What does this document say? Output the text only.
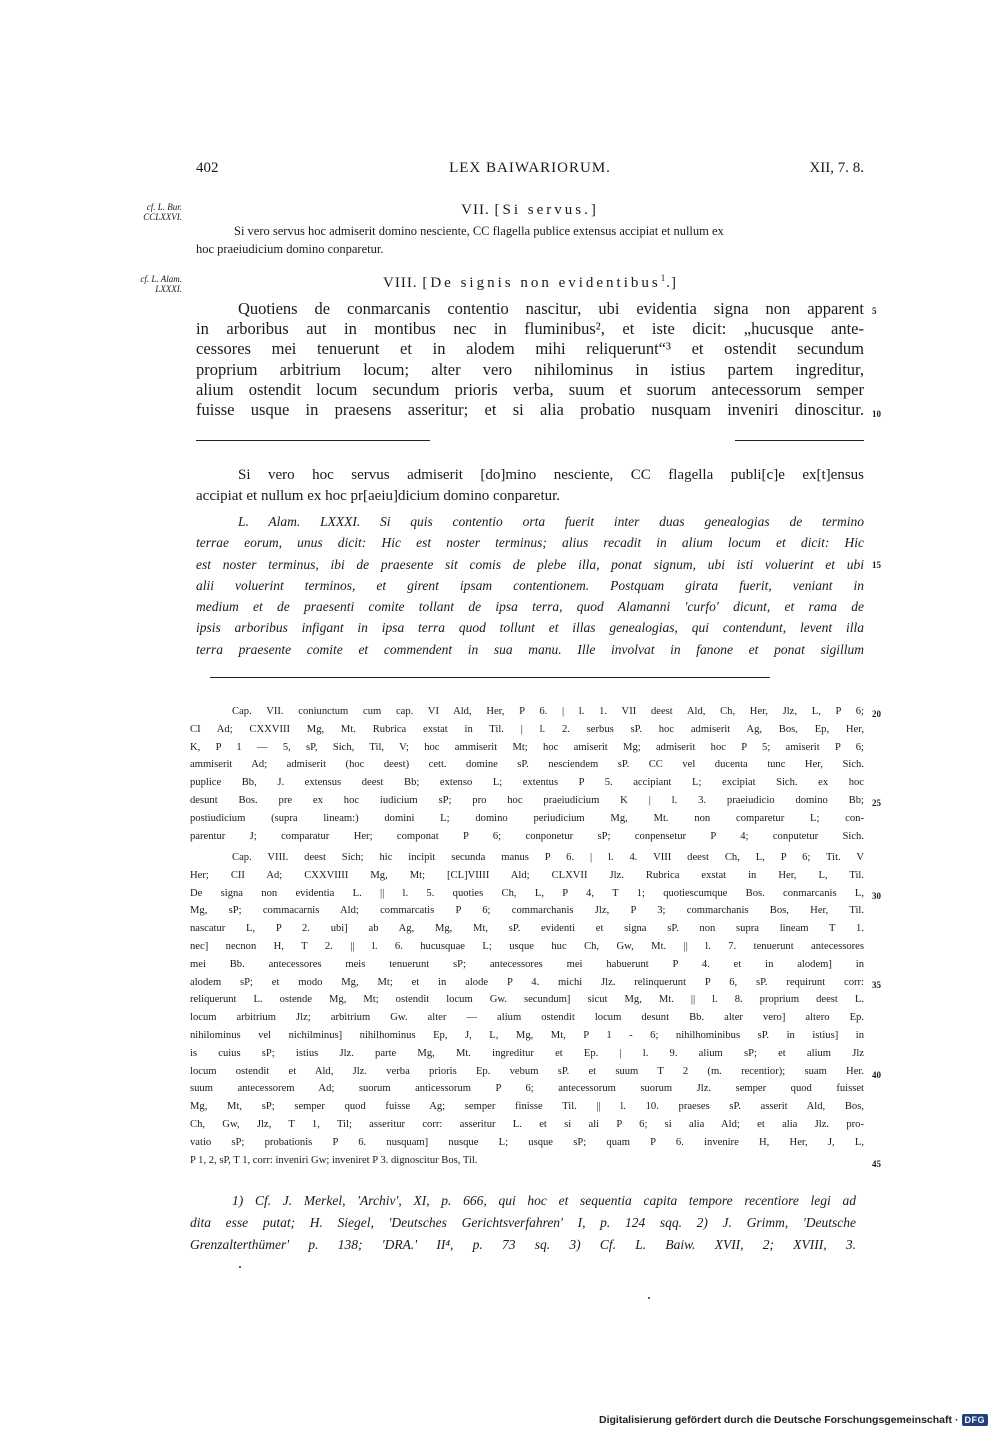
402	LEX BAIWARIORUM.	XII, 7. 8.
cf. L. Bur.
CCLXXVI.	VII. [Si servus.]
Si vero servus hoc admiserit domino nesciente, CC flagella publice extensus accipiat et nullum ex
hoc praeiudicium domino conparetur.
cf. L. Alam.
LXXXI.	VIII. [De signis non evidentibus$^1$.]
Quotiens de conmarcanis contentio nascitur, ubi evidentia signa non apparent
in arboribus aut in montibus nec in fluminibus², et iste dicit: „hucusque ante-
cessores mei tenuerunt et in alodem mihi reliquerunt“³ et ostendit secundum
proprium arbitrium locum; alter vero nihilominus in istius partem ingreditur,
alium ostendit locum secundum prioris verba, suum et suorum antecessorum semper
fuisse usque in praesens asseritur; et si alia probatio nusquam inveniri dinoscitur.
5
10
Si vero hoc servus admiserit [do]mino nesciente, CC flagella publi[c]e ex[t]ensus
accipiat et nullum ex hoc pr[aeiu]dicium domino conparetur.
L. Alam. LXXXI. Si quis contentio orta fuerit inter duas genealogias de termino
terrae eorum, unus dicit: Hic est noster terminus; alius recadit in alium locum et dicit: Hic
est noster terminus, ibi de praesente sit comis de plebe illa, ponat signum, ubi isti voluerint et ubi
alii voluerint terminos, et girent ipsam contentionem. Postquam girata fuerit, veniant in
medium et de praesenti comite tollant de ipsa terra, quod Alamanni 'curfo' dicunt, et rama de
ipsis arboribus infigant in ipsa terra quod tollunt et illas genealogias, qui contendunt, levent illa
terra praesente comite et commendent in sua manu. Ille involvat in fanone et ponat sigillum
15
Cap. VII. coniunctum cum cap. VI Ald, Her, P 6. | l. 1. VII deest Ald, Ch, Her, Jlz, L, P 6;
CI Ad; CXXVIII Mg, Mt. Rubrica exstat in Til. | l. 2. serbus sP. hoc admiserit Ag, Bos, Ep, Her,
K, P 1 — 5, sP, Sich, Til, V; hoc ammiserit Mt; hoc amiserit Mg; admiserit hoc P 5; amiserit P 6;
ammiserit Ad; admiserit (hoc deest) cett. domine sP. nesciendem sP. CC vel ducenta tunc Her, Sich.
puplice Bb, J. extensus deest Bb; extenso L; extentus P 5. accipiant L; excipiat Sich. ex hoc
desunt Bos. pre ex hoc iudicium sP; pro hoc praeiudicium K | l. 3. praeiudicio domino Bb;
postiudicium (supra lineam:) domini L; domino periudicium Mg, Mt. non comparetur L; con-
parentur J; comparatur Her; componat P 6; conponetur sP; conpensetur P 4; conputetur Sich.
Cap. VIII. deest Sich; hic incipit secunda manus P 6. | l. 4. VIII deest Ch, L, P 6; Tit. V
Her; CII Ad; CXXVIIII Mg, Mt; [CL]VIIII Ald; CLXVII Jlz. Rubrica exstat in Her, L, Til.
De signa non evidentia L. || l. 5. quoties Ch, L, P 4, T 1; quotiescumque Bos. conmarcanis L,
Mg, sP; commacarnis Ald; commarcatis P 6; commarchanis Jlz, P 3; commarchanis Bos, Her, Til.
nascatur L, P 2. ubi] ab Ag, Mg, Mt, sP. evidenti et signa sP. non supra lineam T 1.
nec] necnon H, T 2. || l. 6. hucusquae L; usque huc Ch, Gw, Mt. || l. 7. tenuerunt antecessores
mei Bb. antecessores meis tenuerunt sP; antecessores mei habuerunt P 4. et in alodem] in
alodem sP; et modo Mg, Mt; et in alode P 4. michi Jlz. relinquerunt P 6, sP. requirunt corr:
reliquerunt L. ostende Mg, Mt; ostendit locum Gw. secundum] sicut Mg, Mt. || l. 8. proprium deest L.
locum arbitrium Jlz; arbitrium Gw. alter — alium ostendit locum desunt Bb. alter vero] altero Ep.
nihilominus vel nichilminus] nihilhominus Ep, J, L, Mg, Mt, P 1 - 6; nihilhominibus sP. in istius] in
is cuius sP; istius Jlz. parte Mg, Mt. ingreditur et Ep. | l. 9. alium sP; et alium Jlz
locum ostendit et Ald, Jlz. verba prioris Ep. vebum sP. et suum T 2 (m. recentior); suam Her.
suum antecessorem Ad; suorum anticessorum P 6; antecessorum suorum Jlz. semper quod fuisset
Mg, Mt, sP; semper quod fuisse Ag; semper finisse Til. || l. 10. praeses sP. asserit Ald, Bos,
Ch, Gw, Jlz, T 1, Til; asseritur corr: asseritur L. et si ali P 6; si alia Ald; et alia Jlz. pro-
vatio sP; probationis P 6. nusquam] nusque L; usque sP; quam P 6. invenire H, Her, J, L,
P 1, 2, sP, T 1, corr: inveniri Gw; inveniret P 3. dignoscitur Bos, Til.
20
25
30
35
40
45
1) Cf. J. Merkel, 'Archiv', XI, p. 666, qui hoc et sequentia capita tempore recentiore legi ad
dita esse putat; H. Siegel, 'Deutsches Gerichtsverfahren' I, p. 124 sqq. 2) J. Grimm, 'Deutsche
Grenzalterthümer' p. 138; 'DRA.' II⁴, p. 73 sq. 3) Cf. L. Baiw. XVII, 2; XVIII, 3.
Digitalisierung gefördert durch die Deutsche Forschungsgemeinschaft · DFG
